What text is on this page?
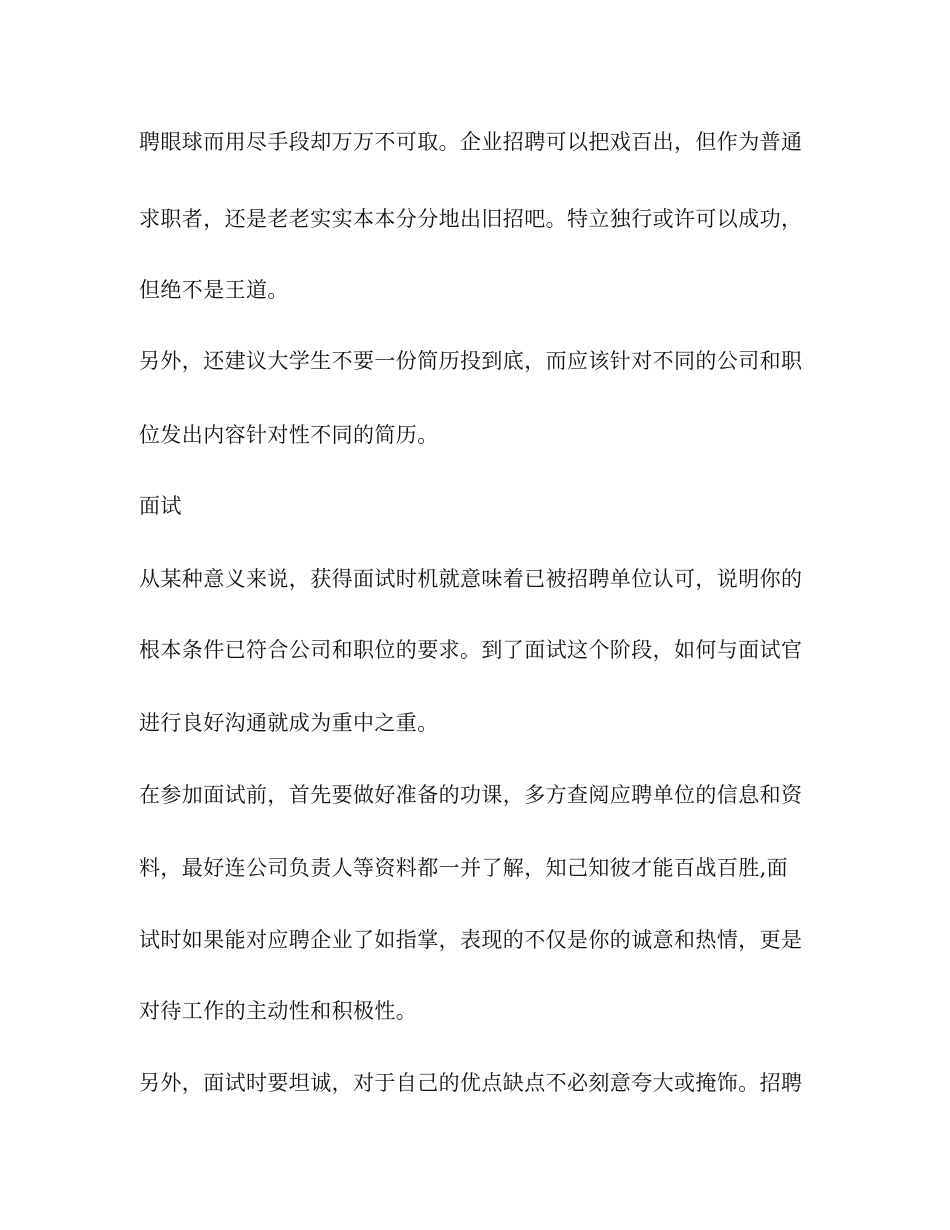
聘眼球而用尽手段却万万不可取。企业招聘可以把戏百出，但作为普通
求职者，还是老老实实本本分分地出旧招吧。特立独行或许可以成功，
但绝不是王道。
另外，还建议大学生不要一份简历投到底，而应该针对不同的公司和职
位发出内容针对性不同的简历。
面试
从某种意义来说，获得面试时机就意味着已被招聘单位认可，说明你的
根本条件已符合公司和职位的要求。到了面试这个阶段，如何与面试官
进行良好沟通就成为重中之重。
在参加面试前，首先要做好准备的功课，多方查阅应聘单位的信息和资
料，最好连公司负责人等资料都一并了解，知己知彼才能百战百胜,面
试时如果能对应聘企业了如指掌，表现的不仅是你的诚意和热情，更是
对待工作的主动性和积极性。
另外，面试时要坦诚，对于自己的优点缺点不必刻意夸大或掩饰。招聘
